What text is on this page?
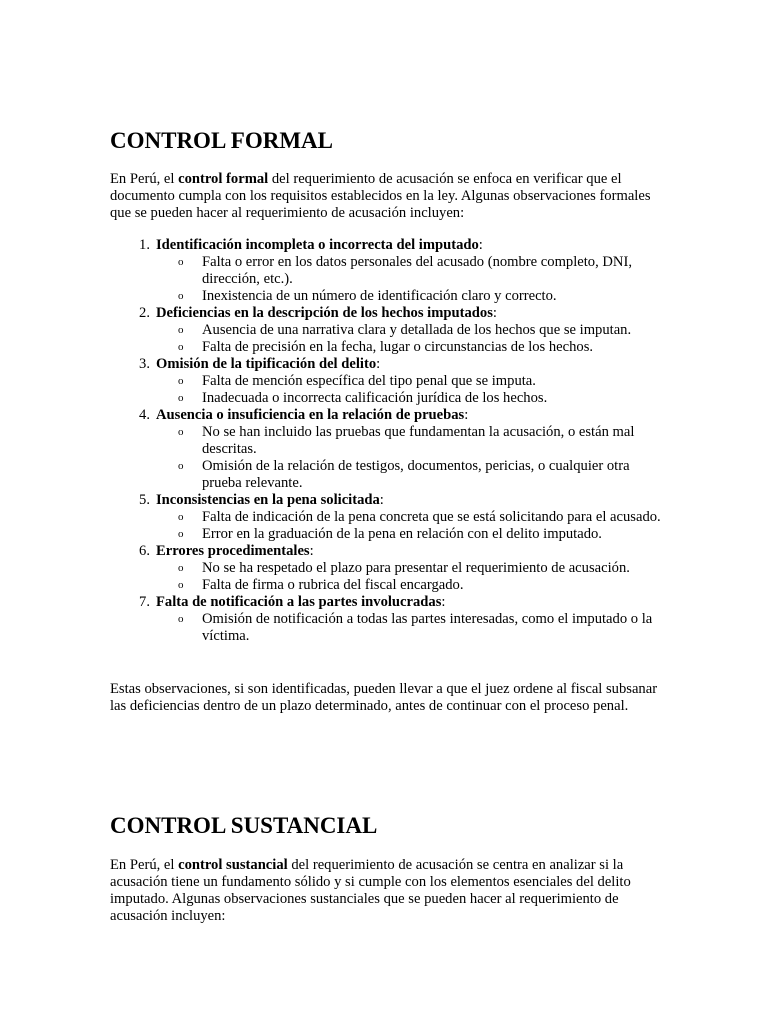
CONTROL FORMAL

En Perú, el control formal del requerimiento de acusación se enfoca en verificar que el documento cumpla con los requisitos establecidos en la ley. Algunas observaciones formales que se pueden hacer al requerimiento de acusación incluyen:

1. Identificación incompleta o incorrecta del imputado:
o Falta o error en los datos personales del acusado (nombre completo, DNI, dirección, etc.).
o Inexistencia de un número de identificación claro y correcto.
2. Deficiencias en la descripción de los hechos imputados:
o Ausencia de una narrativa clara y detallada de los hechos que se imputan.
o Falta de precisión en la fecha, lugar o circunstancias de los hechos.
3. Omisión de la tipificación del delito:
o Falta de mención específica del tipo penal que se imputa.
o Inadecuada o incorrecta calificación jurídica de los hechos.
4. Ausencia o insuficiencia en la relación de pruebas:
o No se han incluido las pruebas que fundamentan la acusación, o están mal descritas.
o Omisión de la relación de testigos, documentos, pericias, o cualquier otra prueba relevante.
5. Inconsistencias en la pena solicitada:
o Falta de indicación de la pena concreta que se está solicitando para el acusado.
o Error en la graduación de la pena en relación con el delito imputado.
6. Errores procedimentales:
o No se ha respetado el plazo para presentar el requerimiento de acusación.
o Falta de firma o rubrica del fiscal encargado.
7. Falta de notificación a las partes involucradas:
o Omisión de notificación a todas las partes interesadas, como el imputado o la víctima.

Estas observaciones, si son identificadas, pueden llevar a que el juez ordene al fiscal subsanar las deficiencias dentro de un plazo determinado, antes de continuar con el proceso penal.

CONTROL SUSTANCIAL

En Perú, el control sustancial del requerimiento de acusación se centra en analizar si la acusación tiene un fundamento sólido y si cumple con los elementos esenciales del delito imputado. Algunas observaciones sustanciales que se pueden hacer al requerimiento de acusación incluyen:
